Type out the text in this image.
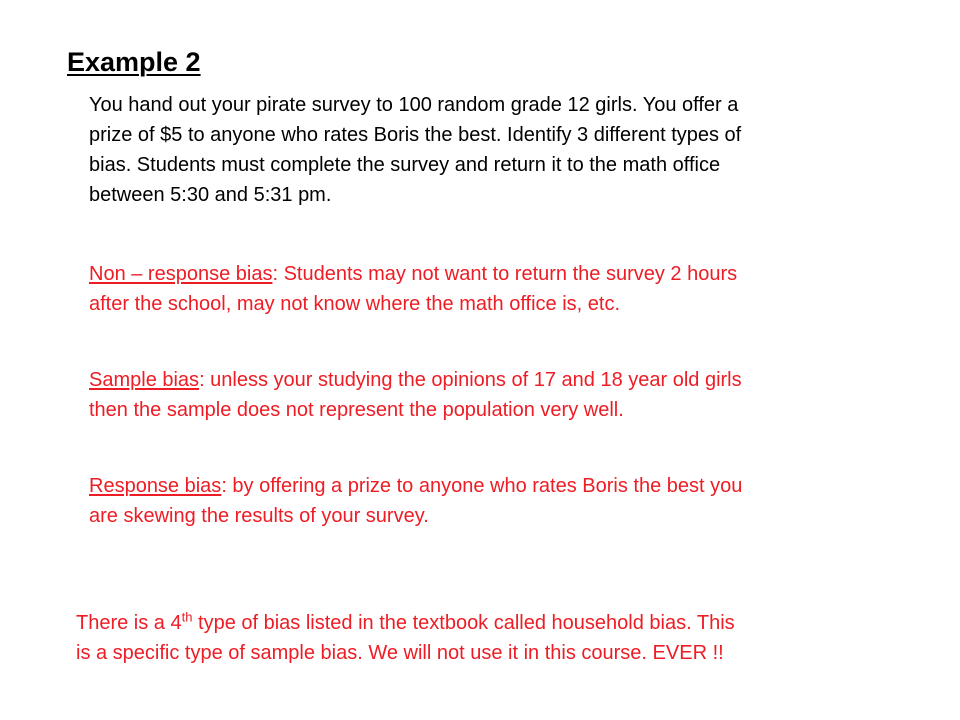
Example 2

You hand out your pirate survey to 100 random grade 12 girls. You offer a
prize of $5 to anyone who rates Boris the best. Identify 3 different types of
bias. Students must complete the survey and return it to the math office
between 5:30 and 5:31 pm.

Non – response bias: Students may not want to return the survey 2 hours
after the school, may not know where the math office is, etc.

Sample bias: unless your studying the opinions of 17 and 18 year old girls
then the sample does not represent the population very well.

Response bias: by offering a prize to anyone who rates Boris the best you
are skewing the results of your survey.

There is a 4th type of bias listed in the textbook called household bias. This
is a specific type of sample bias. We will not use it in this course. EVER !!
